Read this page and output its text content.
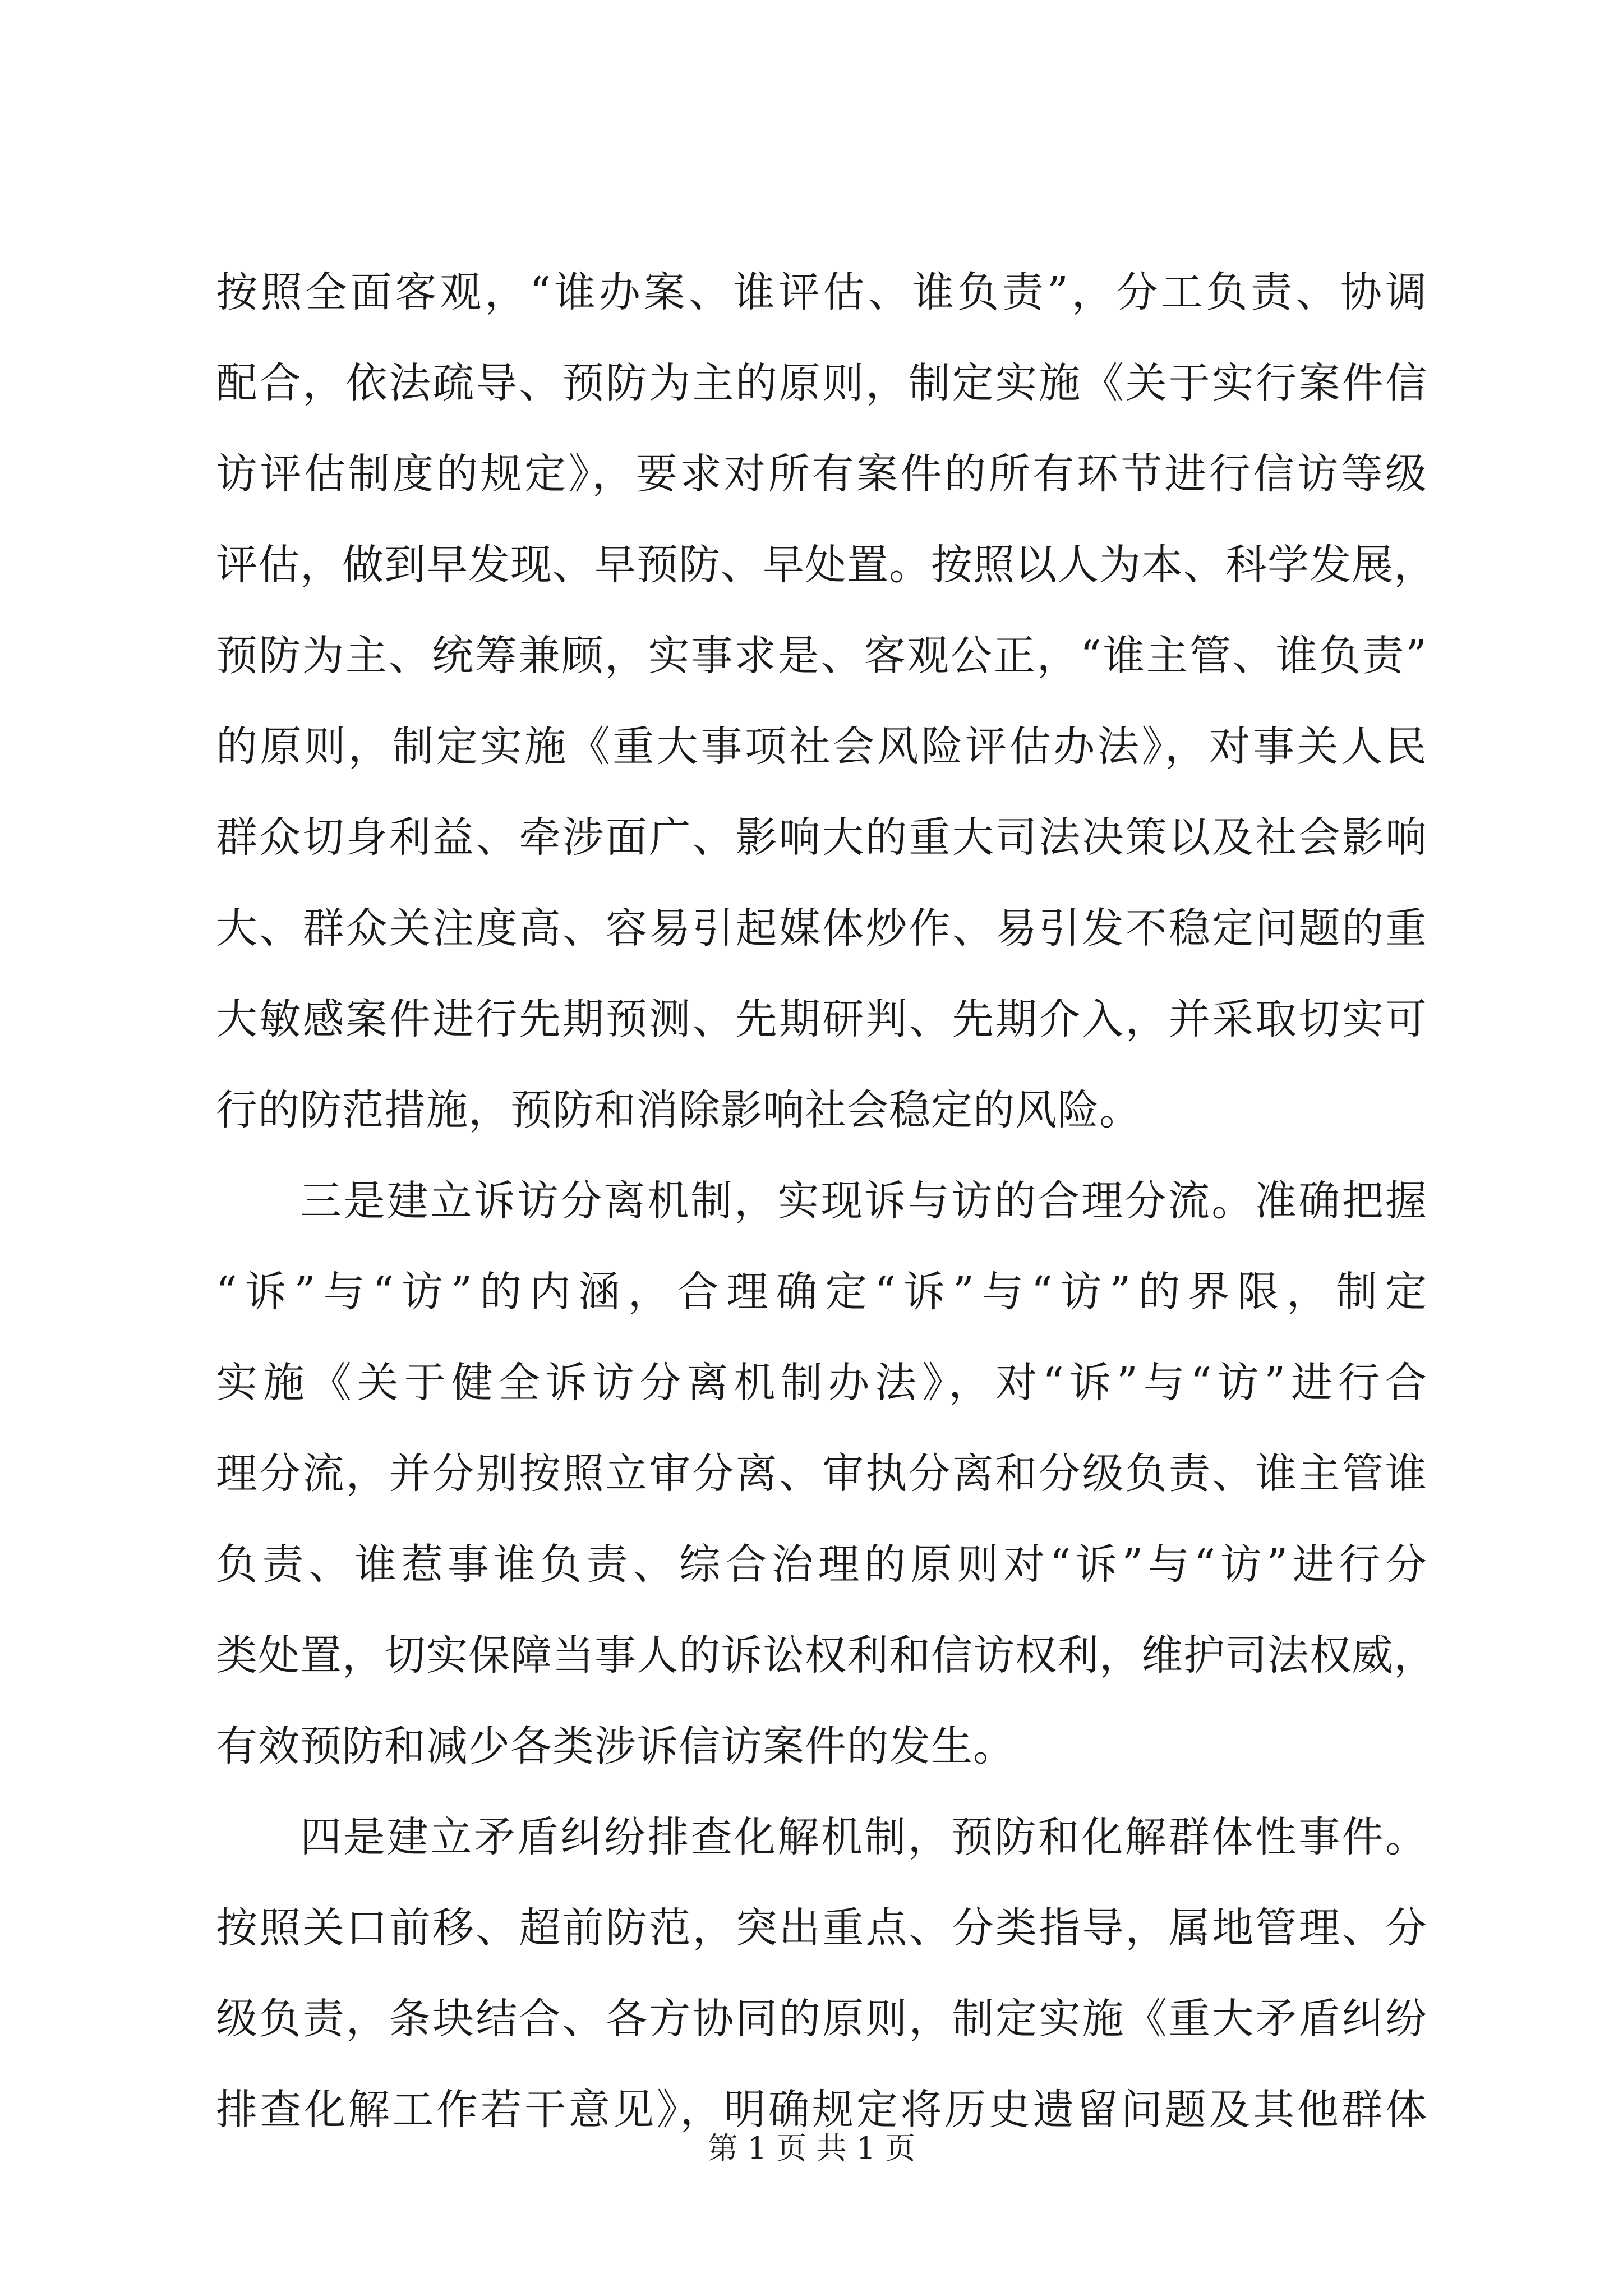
按照全面客观，“谁办案、谁评估、谁负责”，分工负责、协调
配合，依法疏导、预防为主的原则，制定实施《关于实行案件信
访评估制度的规定》，要求对所有案件的所有环节进行信访等级
评估，做到早发现、早预防、早处置。按照以人为本、科学发展，
预防为主、统筹兼顾，实事求是、客观公正，“谁主管、谁负责”
的原则，制定实施《重大事项社会风险评估办法》，对事关人民
群众切身利益、牵涉面广、影响大的重大司法决策以及社会影响
大、群众关注度高、容易引起媒体炒作、易引发不稳定问题的重
大敏感案件进行先期预测、先期研判、先期介入，并采取切实可
行的防范措施，预防和消除影响社会稳定的风险。
三是建立诉访分离机制，实现诉与访的合理分流。准确把握
“诉”与“访”的内涵，合理确定“诉”与“访”的界限，制定
实施《关于健全诉访分离机制办法》，对“诉”与“访”进行合
理分流，并分别按照立审分离、审执分离和分级负责、谁主管谁
负责、谁惹事谁负责、综合治理的原则对“诉”与“访”进行分
类处置，切实保障当事人的诉讼权利和信访权利，维护司法权威，
有效预防和减少各类涉诉信访案件的发生。
四是建立矛盾纠纷排查化解机制，预防和化解群体性事件。
按照关口前移、超前防范，突出重点、分类指导，属地管理、分
级负责，条块结合、各方协同的原则，制定实施《重大矛盾纠纷
排查化解工作若干意见》，明确规定将历史遗留问题及其他群体
第 1 页 共 1 页
